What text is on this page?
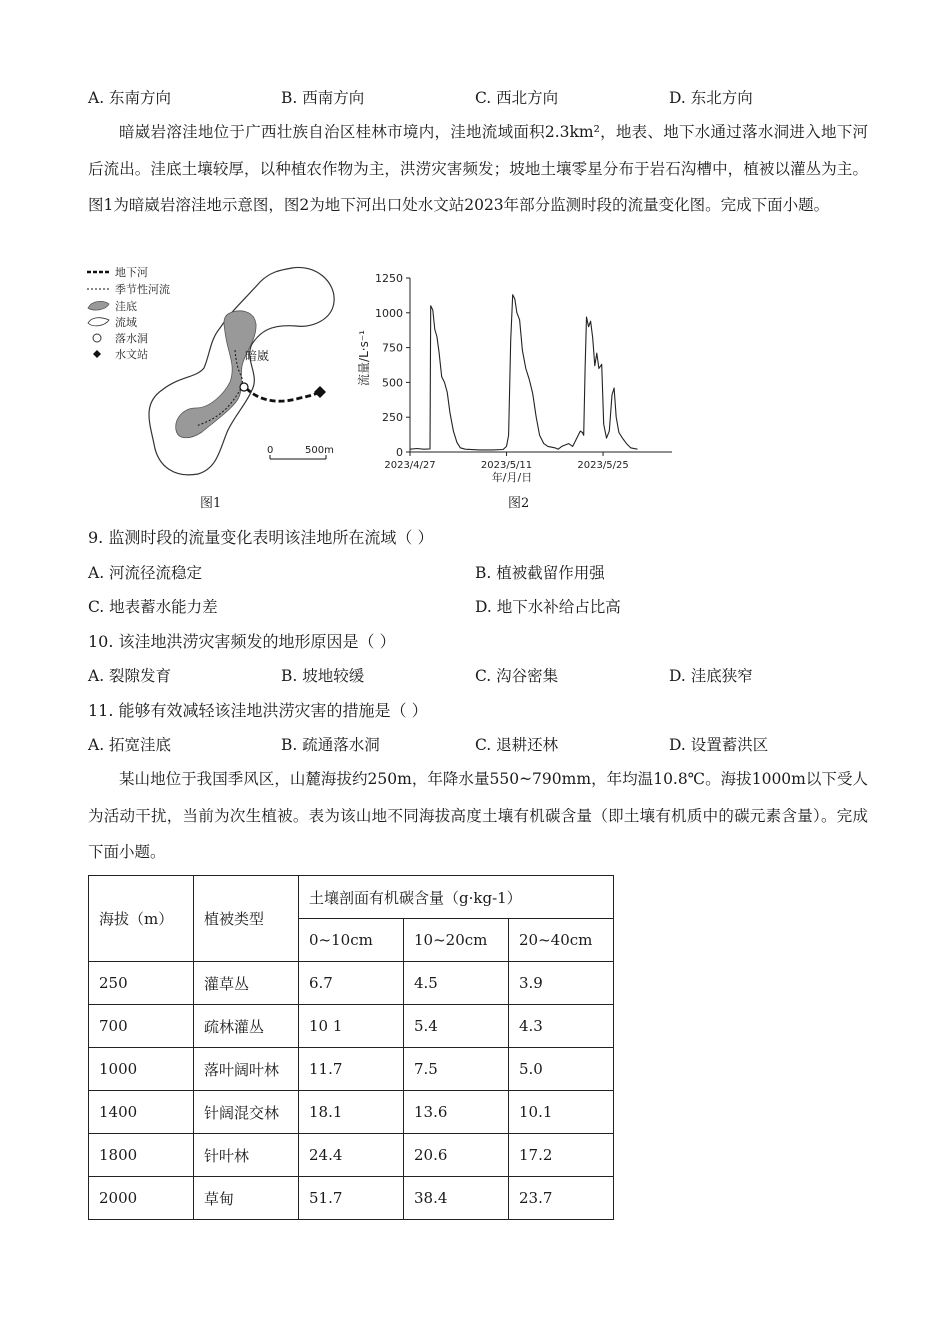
A. 东南方向	B. 西南方向	C. 西北方向	D. 东北方向

暗崴岩溶洼地位于广西壮族自治区桂林市境内，洼地流域面积2.3km²，地表、地下水通过落水洞进入地下河后流出。洼底土壤较厚，以种植农作物为主，洪涝灾害频发；坡地土壤零星分布于岩石沟槽中，植被以灌丛为主。图1为暗崴岩溶洼地示意图，图2为地下河出口处水文站2023年部分监测时段的流量变化图。完成下面小题。

地下河
季节性河流
洼底
流域
落水洞
水文站	暗崴
0	500m
图1
流量/L·s⁻¹
0
250
500
750
1000
1250
2023/4/27	2023/5/11	2023/5/25
年/月/日
图2
9. 监测时段的流量变化表明该洼地所在流域（ ）
A. 河流径流稳定	B. 植被截留作用强
C. 地表蓄水能力差	D. 地下水补给占比高
10. 该洼地洪涝灾害频发的地形原因是（ ）
A. 裂隙发育	B. 坡地较缓	C. 沟谷密集	D. 洼底狭窄
11. 能够有效减轻该洼地洪涝灾害的措施是（ ）
A. 拓宽洼底	B. 疏通落水洞	C. 退耕还林	D. 设置蓄洪区

某山地位于我国季风区，山麓海拔约250m，年降水量550~790mm，年均温10.8℃。海拔1000m以下受人为活动干扰，当前为次生植被。表为该山地不同海拔高度土壤有机碳含量（即土壤有机质中的碳元素含量）。完成下面小题。

海拔（m）	植被类型	土壤剖面有机碳含量（g·kg-1）		
		0~10cm	10~20cm	20~40cm
250	灌草丛	6.7	4.5	3.9
700	疏林灌丛	10 1	5.4	4.3
1000	落叶阔叶林	11.7	7.5	5.0
1400	针阔混交林	18.1	13.6	10.1
1800	针叶林	24.4	20.6	17.2
2000	草甸	51.7	38.4	23.7
